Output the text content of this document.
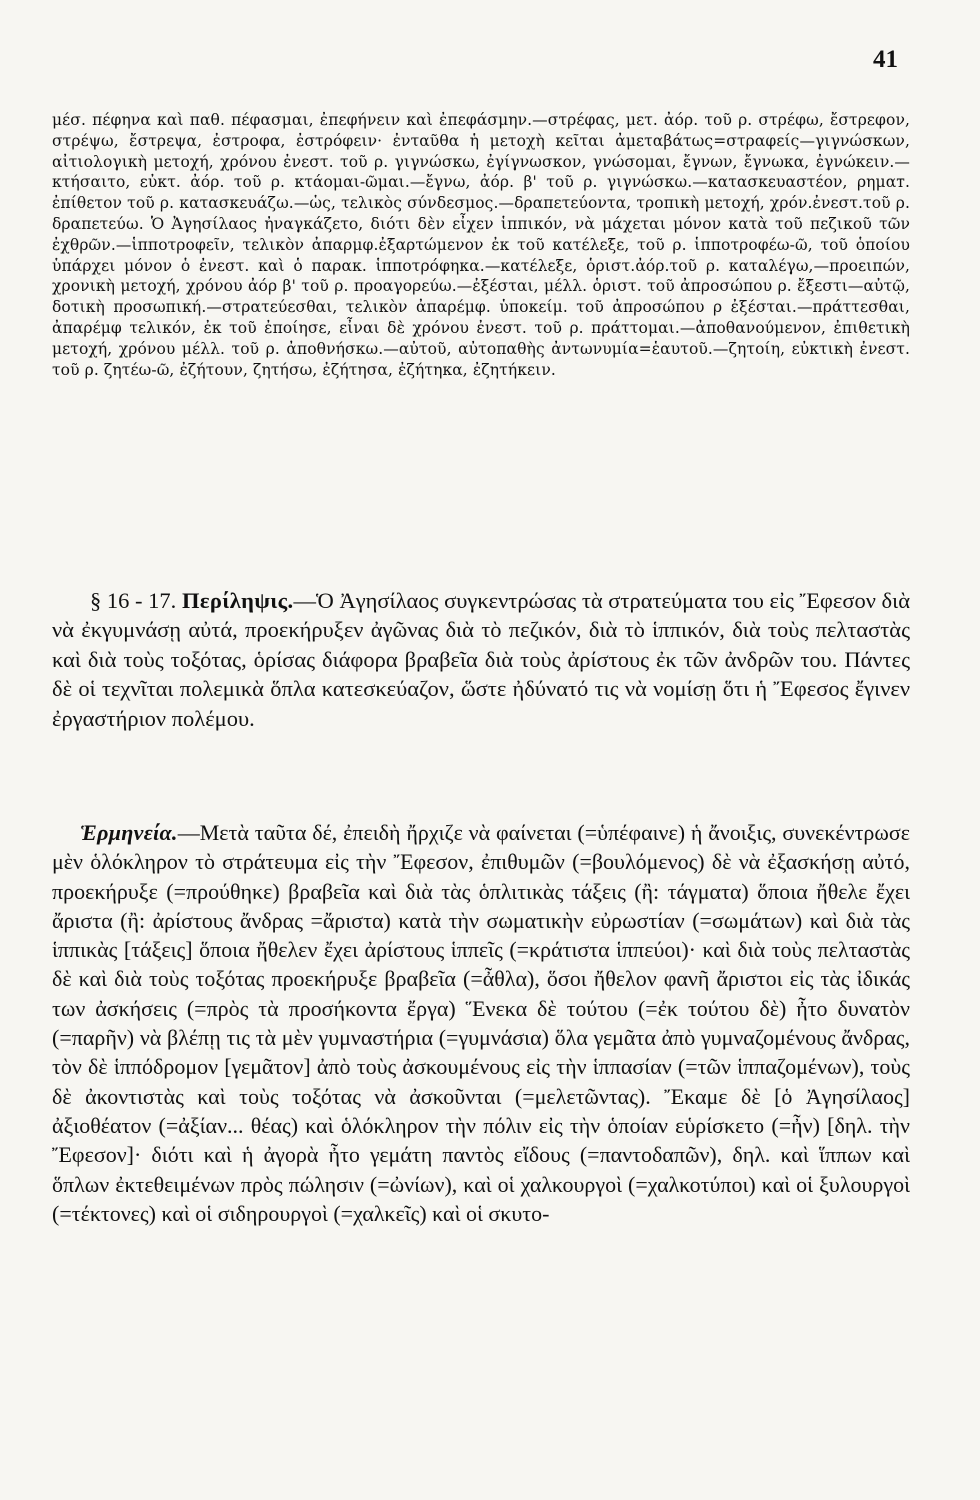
41

μέσ. πέφηνα καὶ παθ. πέφασμαι, ἐπεφήνειν καὶ ἐπεφάσμην.—στρέφας, μετ. ἀόρ. τοῦ ρ. στρέφω, ἔστρεφον, στρέψω, ἔστρεψα, ἐστροφα, ἐστρόφειν· ἐνταῦθα ἡ μετοχὴ κεῖται ἀμεταβάτως=στραφείς—γιγνώσκων, αἰτιολογικὴ μετοχή, χρόνου ἐνεστ. τοῦ ρ. γιγνώσκω, ἐγίγνωσκον, γνώσομαι, ἔγνων, ἔγνωκα, ἐγνώκειν.—κτήσαιτο, εὐκτ. ἀόρ. τοῦ ρ. κτάομαι-ῶμαι.—ἔγνω, ἀόρ. β' τοῦ ρ. γιγνώσκω.—κατασκευαστέον, ρημαт. ἐπίθετον τοῦ ρ. κατασκευάζω.—ὡς, τελικὸς σύνδεσμος.—δραπετεύοντα, τροπικὴ μετοχή, χρόν.ἐνεστ.τοῦ ρ. δραπετεύω. Ὁ Ἀγησίλαος ἠναγκάζετο, διότι δὲν εἶχεν ἱππικόν, νὰ μάχεται μόνον κατὰ τοῦ πεζικοῦ τῶν ἐχθρῶν.—ἱπποτροφεῖν, τελικὸν ἀπαρμφ.ἐξαρτώμενον ἐκ τοῦ κατέλεξε, τοῦ ρ. ἱπποτροφέω-ῶ, τοῦ ὁποίου ὑπάρχει μόνον ὁ ἐνεστ. καὶ ὁ παρακ. ἱπποτρόφηκα.—κατέλεξε, ὁριστ.ἀόρ.τοῦ ρ. καταλέγω,—προειπών, χρονικὴ μετοχή, χρόνου ἀόρ β' τοῦ ρ. προαγορεύω.—ἐξέσται, μέλλ. ὁριστ. τοῦ ἀπροσώπου ρ. ἔξεστι—αὐτῷ, δοτικὴ προσωπική.—στρατεύεσθαι, τελικὸν ἀπαρέμφ. ὑποκείμ. τοῦ ἀπροσώπου ρ ἐξέσται.—πράττεσθαι, ἀπαρέμφ τελικόν, ἐκ τοῦ ἐποίησε, εἶναι δὲ χρόνου ἐνεστ. τοῦ ρ. πράττομαι.—ἀποθανούμενον, ἐπιθετικὴ μετοχή, χρόνου μέλλ. τοῦ ρ. ἀποθνήσκω.—αὐτοῦ, αὐτοπαθὴς ἀντωνυμία=ἑαυτοῦ.—ζητοίη, εὐκτικὴ ἐνεστ. τοῦ ρ. ζητέω-ῶ, ἐζήτουν, ζητήσω, ἐζήτησα, ἐζήτηκα, ἐζητήκειν.

§ 16 - 17. Περίληψις.—Ὁ Ἀγησίλαος συγκεντρώσας τὰ στρατεύματα του εἰς Ἔφεσον διὰ νὰ ἐκγυμνάσῃ αὐτά, προεκήρυξεν ἀγῶνας διὰ τὸ πεζικόν, διὰ τὸ ἱππικόν, διὰ τοὺς πελταστὰς καὶ διὰ τοὺς τοξότας, ὁρίσας διάφορα βραβεῖα διὰ τοὺς ἀρίστους ἐκ τῶν ἀνδρῶν του. Πάντες δὲ οἱ τεχνῖται πολεμικὰ ὅπλα κατεσκεύαζον, ὥστε ἠδύνατό τις νὰ νομίσῃ ὅτι ἡ Ἔφεσος ἔγινεν ἐργαστήριον πολέμου.

Ἑρμηνεία.—Μετὰ ταῦτα δέ, ἐπειδὴ ἤρχιζε νὰ φαίνεται (=ὑπέφαινε) ἡ ἄνοιξις, συνεκέντρωσε μὲν ὁλόκληρον τὸ στράτευμα εἰς τὴν Ἔφεσον, ἐπιθυμῶν (=βουλόμενος) δὲ νὰ ἐξασκήσῃ αὐτό, προεκήρυξε (=προύθηκε) βραβεῖα καὶ διὰ τὰς ὁπλιτικὰς τάξεις (ἢ: τάγματα) ὅποια ἤθελε ἔχει ἄριστα (ἢ: ἀρίστους ἄνδρας =ἄριστα) κατὰ τὴν σωματικὴν εὐρωστίαν (=σωμάτων) καὶ διὰ τὰς ἱππικὰς [τάξεις] ὅποια ἤθελεν ἔχει ἀρίστους ἱππεῖς (=κράτιστα ἱππεύοι)· καὶ διὰ τοὺς πελταστὰς δὲ καὶ διὰ τοὺς τοξότας προεκήρυξε βραβεῖα (=ἆθλα), ὅσοι ἤθελον φανῆ ἄριστοι εἰς τὰς ἰδικάς των ἀσκήσεις (=πρὸς τὰ προσήκοντα ἔργα) Ἕνεκα δὲ τούτου (=ἐκ τούτου δὲ) ἦτο δυνατὸν (=παρῆν) νὰ βλέπῃ τις τὰ μὲν γυμναστήρια (=γυμνάσια) ὅλα γεμᾶτα ἀπὸ γυμναζομένους ἄνδρας, τὸν δὲ ἱππόδρομον [γεμᾶτον] ἀπὸ τοὺς ἀσκουμένους εἰς τὴν ἱππασίαν (=τῶν ἱππαζομένων), τοὺς δὲ ἀκοντιστὰς καὶ τοὺς τοξότας νὰ ἀσκοῦνται (=μελετῶντας). Ἔκαμε δὲ [ὁ Ἀγησίλαος] ἀξιοθέατον (=ἀξίαν... θέας) καὶ ὁλόκληρον τὴν πόλιν εἰς τὴν ὁποίαν εὑρίσκετο (=ἦν) [δηλ. τὴν Ἔφεσον]· διότι καὶ ἡ ἀγορὰ ἦτο γεμάτη παντὸς εἴδους (=παντοδαπῶν), δηλ. καὶ ἵππων καὶ ὅπλων ἐκτεθειμένων πρὸς πώλησιν (=ὠνίων), καὶ οἱ χαλκουργοὶ (=χαλκοτύποι) καὶ οἱ ξυλουργοὶ (=τέκτονες) καὶ οἱ σιδηρουργοὶ (=χαλκεῖς) καὶ οἱ σκυτο-
